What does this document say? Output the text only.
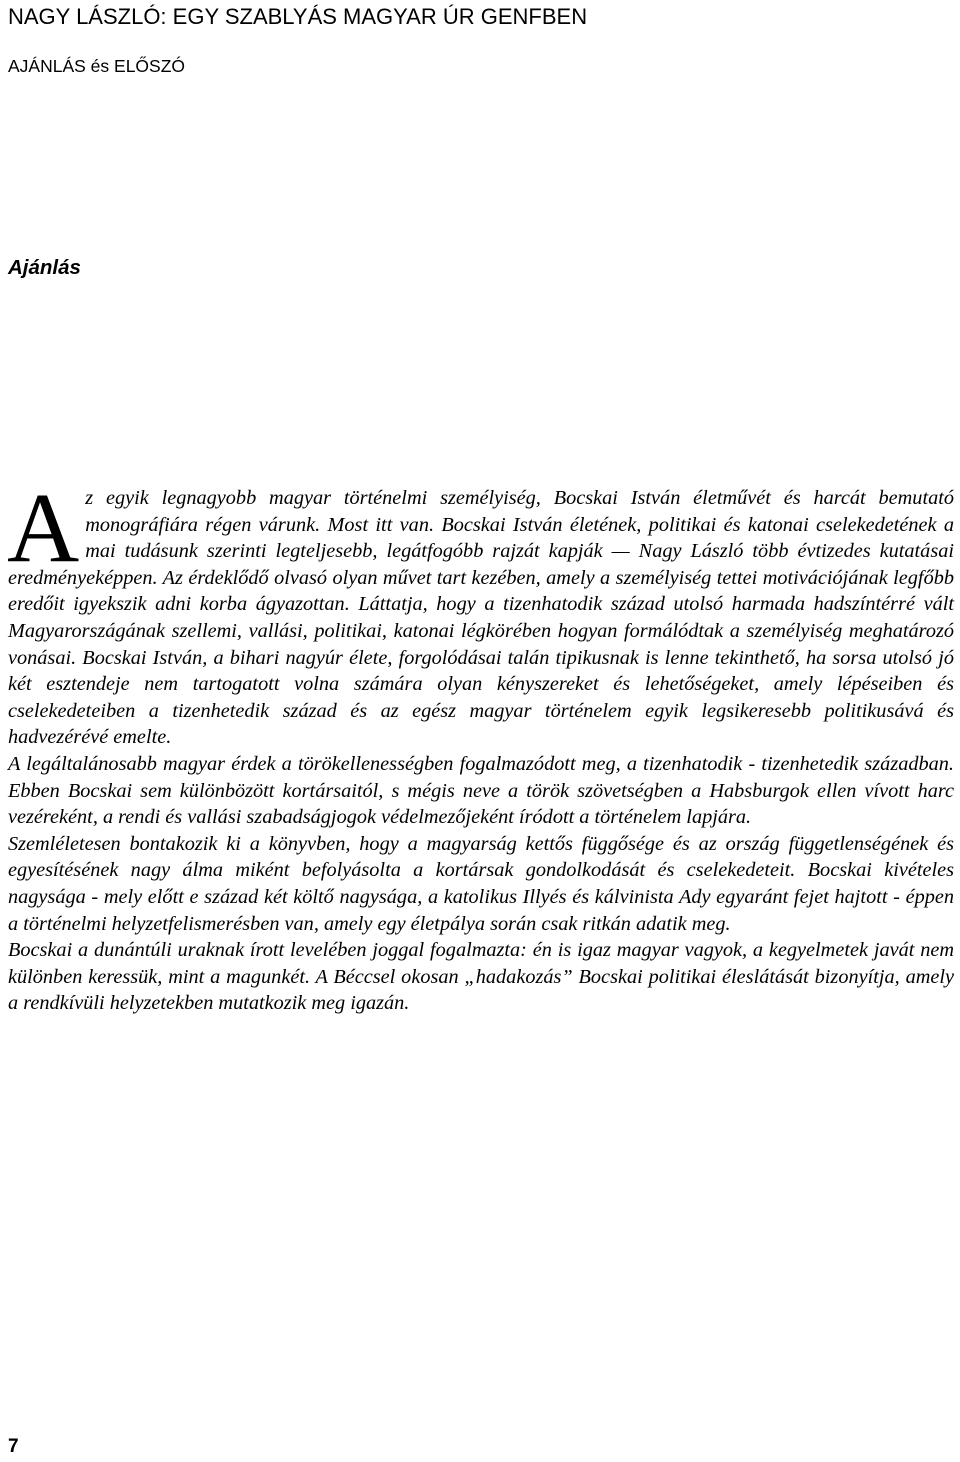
NAGY LÁSZLÓ: EGY SZABLYÁS MAGYAR ÚR GENFBEN
AJÁNLÁS és ELŐSZÓ
Ajánlás

Az egyik legnagyobb magyar történelmi személyiség, Bocskai István életművét és harcát bemutató monográfiára régen várunk. Most itt van. Bocskai István életének, politikai és katonai cselekedetének a mai tudásunk szerinti legteljesebb, legátfogóbb rajzát kapják — Nagy László több évtizedes kutatásai eredményeképpen. Az érdeklődő olvasó olyan művet tart kezében, amely a személyiség tettei motivációjának legfőbb eredőit igyekszik adni korba ágyazottan. Láttatja, hogy a tizenhatodik század utolsó harmada hadszíntérré vált Magyarországának szellemi, vallási, politikai, katonai légkörében hogyan formálódtak a személyiség meghatározó vonásai. Bocskai István, a bihari nagyúr élete, forgolódásai talán tipikusnak is lenne tekinthető, ha sorsa utolsó jó két esztendeje nem tartogatott volna számára olyan kényszereket és lehetőségeket, amely lépéseiben és cselekedeteiben a tizenhetedik század és az egész magyar történelem egyik legsikeresebb politikusává és hadvezérévé emelte.

A legáltalánosabb magyar érdek a törökellenességben fogalmazódott meg, a tizenhatodik - tizenhetedik században. Ebben Bocskai sem különbözött kortársaitól, s mégis neve a török szövetségben a Habsburgok ellen vívott harc vezéreként, a rendi és vallási szabadságjogok védelmezőjeként íródott a történelem lapjára.

Szemléletesen bontakozik ki a könyvben, hogy a magyarság kettős függősége és az ország függetlenségének és egyesítésének nagy álma miként befolyásolta a kortársak gondolkodását és cselekedeteit. Bocskai kivételes nagysága - mely előtt e század két költő nagysága, a katolikus Illyés és kálvinista Ady egyaránt fejet hajtott - éppen a történelmi helyzetfelismerésben van, amely egy életpálya során csak ritkán adatik meg.

Bocskai a dunántúli uraknak írott levelében joggal fogalmazta: én is igaz magyar vagyok, a kegyelmetek javát nem különben keressük, mint a magunkét. A Béccsel okosan „hadakozás” Bocskai politikai éleslátását bizonyítja, amely a rendkívüli helyzetekben mutatkozik meg igazán.

7
